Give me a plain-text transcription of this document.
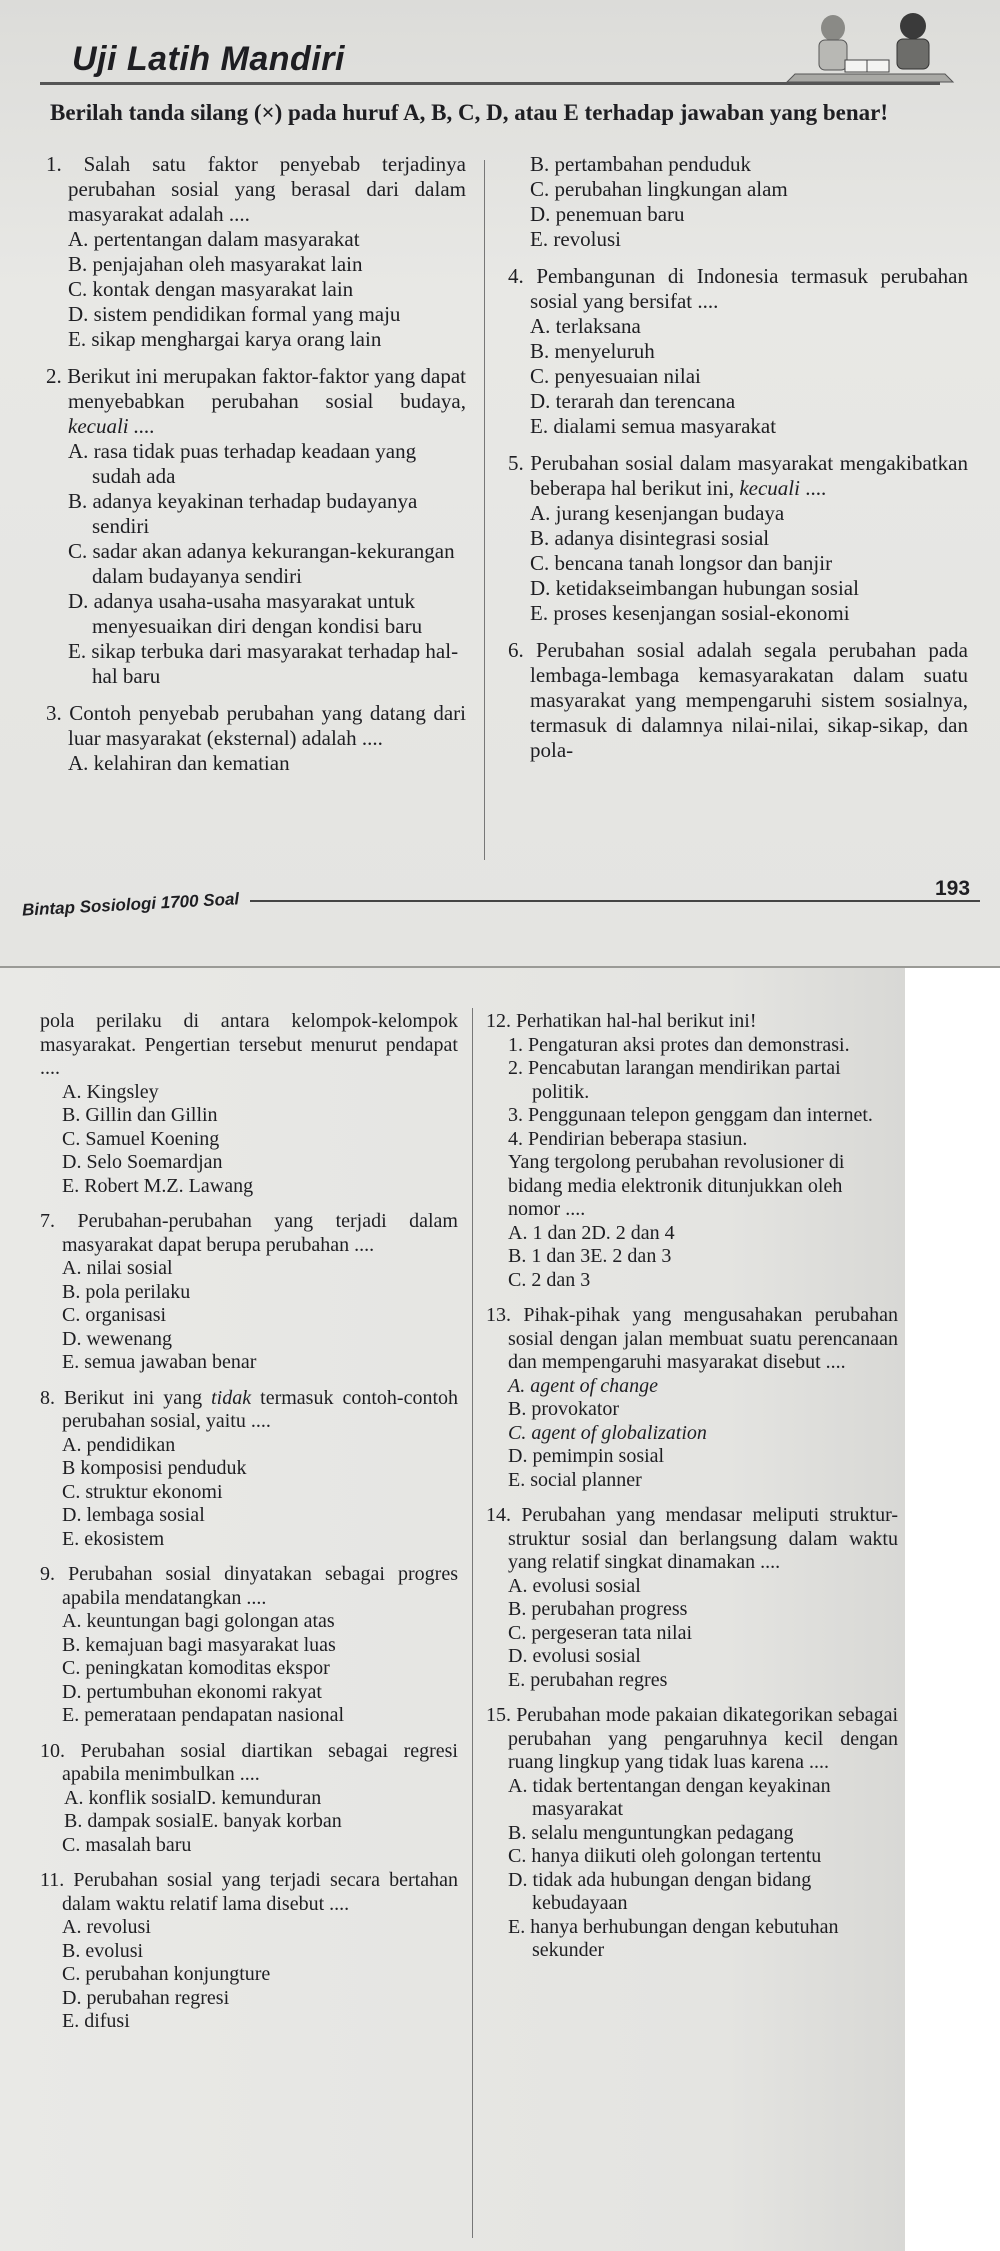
Uji Latih Mandiri
Berilah tanda silang (×) pada huruf A, B, C, D, atau E terhadap jawaban yang benar!
1. Salah satu faktor penyebab terjadinya perubahan sosial yang berasal dari dalam masyarakat adalah ....
A. pertentangan dalam masyarakat
B. penjajahan oleh masyarakat lain
C. kontak dengan masyarakat lain
D. sistem pendidikan formal yang maju
E. sikap menghargai karya orang lain
2. Berikut ini merupakan faktor-faktor yang dapat menyebabkan perubahan sosial budaya, kecuali ....
A. rasa tidak puas terhadap keadaan yang sudah ada
B. adanya keyakinan terhadap budayanya sendiri
C. sadar akan adanya kekurangan-kekurangan dalam budayanya sendiri
D. adanya usaha-usaha masyarakat untuk menyesuaikan diri dengan kondisi baru
E. sikap terbuka dari masyarakat terhadap hal-hal baru
3. Contoh penyebab perubahan yang datang dari luar masyarakat (eksternal) adalah ....
A. kelahiran dan kematian
B. pertambahan penduduk
C. perubahan lingkungan alam
D. penemuan baru
E. revolusi
4. Pembangunan di Indonesia termasuk perubahan sosial yang bersifat ....
A. terlaksana
B. menyeluruh
C. penyesuaian nilai
D. terarah dan terencana
E. dialami semua masyarakat
5. Perubahan sosial dalam masyarakat mengakibatkan beberapa hal berikut ini, kecuali ....
A. jurang kesenjangan budaya
B. adanya disintegrasi sosial
C. bencana tanah longsor dan banjir
D. ketidakseimbangan hubungan sosial
E. proses kesenjangan sosial-ekonomi
6. Perubahan sosial adalah segala perubahan pada lembaga-lembaga kemasyarakatan dalam suatu masyarakat yang mempengaruhi sistem sosialnya, termasuk di dalamnya nilai-nilai, sikap-sikap, dan pola-
Bintap Sosiologi 1700 Soal
193
pola perilaku di antara kelompok-kelompok masyarakat. Pengertian tersebut menurut pendapat ....
A. Kingsley
B. Gillin dan Gillin
C. Samuel Koening
D. Selo Soemardjan
E. Robert M.Z. Lawang
7. Perubahan-perubahan yang terjadi dalam masyarakat dapat berupa perubahan ....
A. nilai sosial
B. pola perilaku
C. organisasi
D. wewenang
E. semua jawaban benar
8. Berikut ini yang tidak termasuk contoh-contoh perubahan sosial, yaitu ....
A. pendidikan
B komposisi penduduk
C. struktur ekonomi
D. lembaga sosial
E. ekosistem
9. Perubahan sosial dinyatakan sebagai progres apabila mendatangkan ....
A. keuntungan bagi golongan atas
B. kemajuan bagi masyarakat luas
C. peningkatan komoditas ekspor
D. pertumbuhan ekonomi rakyat
E. pemerataan pendapatan nasional
10. Perubahan sosial diartikan sebagai regresi apabila menimbulkan ....
A. konflik sosialD. kemunduran
B. dampak sosialE. banyak korban
C. masalah baru
11. Perubahan sosial yang terjadi secara bertahan dalam waktu relatif lama disebut ....
A. revolusi
B. evolusi
C. perubahan konjungture
D. perubahan regresi
E. difusi
12. Perhatikan hal-hal berikut ini!
1. Pengaturan aksi protes dan demonstrasi.
2. Pencabutan larangan mendirikan partai politik.
3. Penggunaan telepon genggam dan internet.
4. Pendirian beberapa stasiun.
Yang tergolong perubahan revolusioner di bidang media elektronik ditunjukkan oleh nomor ....
A. 1 dan 2D. 2 dan 4
B. 1 dan 3E. 2 dan 3
C. 2 dan 3
13. Pihak-pihak yang mengusahakan perubahan sosial dengan jalan membuat suatu perencanaan dan mempengaruhi masyarakat disebut ....
A. agent of change
B. provokator
C. agent of globalization
D. pemimpin sosial
E. social planner
14. Perubahan yang mendasar meliputi struktur-struktur sosial dan berlangsung dalam waktu yang relatif singkat dinamakan ....
A. evolusi sosial
B. perubahan progress
C. pergeseran tata nilai
D. evolusi sosial
E. perubahan regres
15. Perubahan mode pakaian dikategorikan sebagai perubahan yang pengaruhnya kecil dengan ruang lingkup yang tidak luas karena ....
A. tidak bertentangan dengan keyakinan masyarakat
B. selalu menguntungkan pedagang
C. hanya diikuti oleh golongan tertentu
D. tidak ada hubungan dengan bidang kebudayaan
E. hanya berhubungan dengan kebutuhan sekunder
